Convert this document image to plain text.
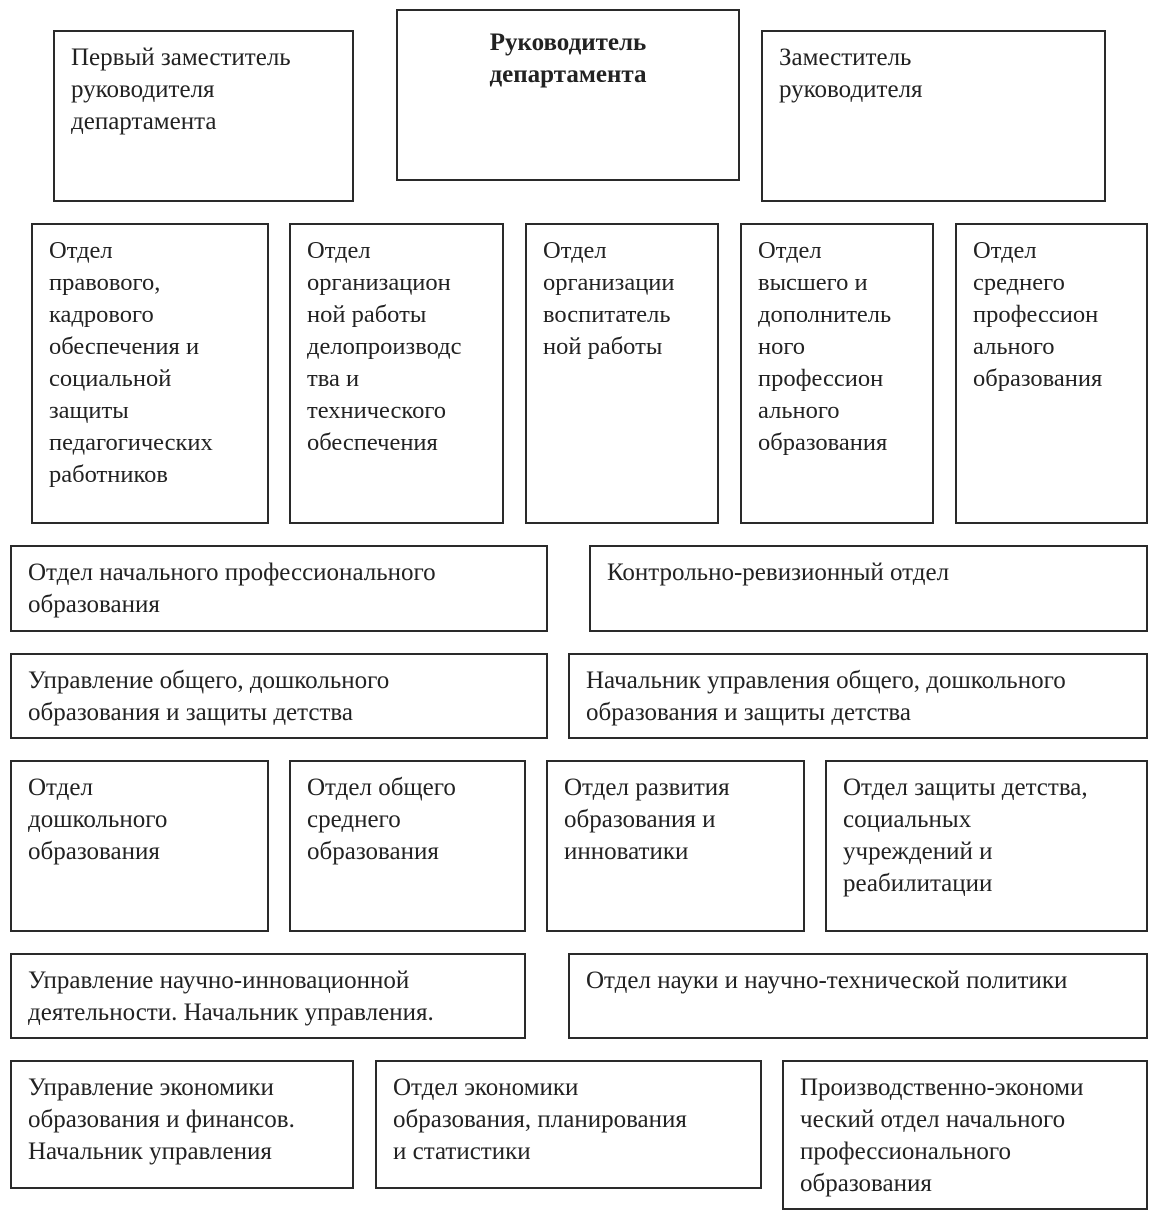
Первый заместитель
руководителя
департамента
Руководитель
департамента
Заместитель
руководителя
Отдел
правового,
кадрового
обеспечения и
социальной
защиты
педагогических
работников
Отдел
организацион
ной работы
делопроизводс
тва и
технического
обеспечения
Отдел
организации
воспитатель
ной работы
Отдел
высшего и
дополнитель
ного
профессион
ального
образования
Отдел
среднего
профессион
ального
образования
Отдел начального профессионального
образования
Контрольно-ревизионный отдел
Управление общего, дошкольного
образования и защиты детства
Начальник управления общего, дошкольного
образования и защиты детства
Отдел
дошкольного
образования
Отдел общего
среднего
образования
Отдел развития
образования и
инноватики
Отдел защиты детства,
социальных
учреждений и
реабилитации
Управление научно-инновационной
деятельности. Начальник управления.
Отдел науки и научно-технической политики
Управление экономики
образования и финансов.
Начальник управления
Отдел экономики
образования, планирования
и статистики
Производственно-экономи
ческий отдел начального
профессионального
образования
